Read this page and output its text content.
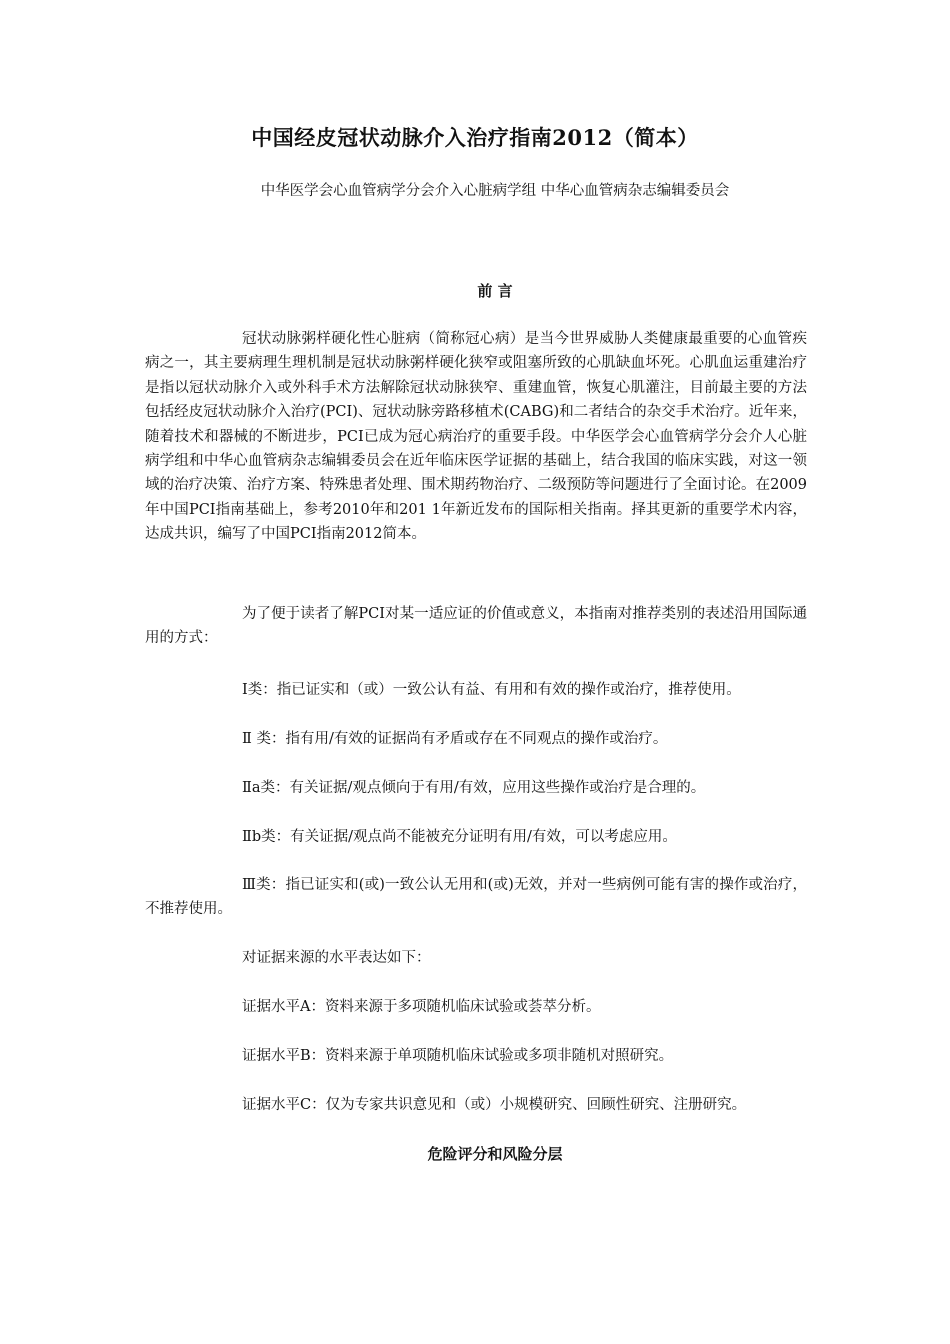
中国经皮冠状动脉介入治疗指南2012（简本）
中华医学会心血管病学分会介入心脏病学组 中华心血管病杂志编辑委员会
前 言

冠状动脉粥样硬化性心脏病（简称冠心病）是当今世界威胁人类健康最重要的心血管疾病之一，其主要病理生理机制是冠状动脉粥样硬化狭窄或阻塞所致的心肌缺血坏死。心肌血运重建治疗是指以冠状动脉介入或外科手术方法解除冠状动脉狭窄、重建血管，恢复心肌灌注，目前最主要的方法包括经皮冠状动脉介入治疗(PCI)、冠状动脉旁路移植术(CABG)和二者结合的杂交手术治疗。近年来，随着技术和器械的不断进步，PCI已成为冠心病治疗的重要手段。中华医学会心血管病学分会介人心脏病学组和中华心血管病杂志编辑委员会在近年临床医学证据的基础上，结合我国的临床实践，对这一领域的治疗决策、治疗方案、特殊患者处理、围术期药物治疗、二级预防等问题进行了全面讨论。在2009年中国PCI指南基础上，参考2010年和201 1年新近发布的国际相关指南。择其更新的重要学术内容，达成共识，编写了中国PCI指南2012简本。

为了便于读者了解PCI对某一适应证的价值或意义，本指南对推荐类别的表述沿用国际通用的方式：

Ⅰ类：指已证实和（或）一致公认有益、有用和有效的操作或治疗，推荐使用。

Ⅱ 类：指有用/有效的证据尚有矛盾或存在不同观点的操作或治疗。

Ⅱa类：有关证据/观点倾向于有用/有效，应用这些操作或治疗是合理的。

Ⅱb类：有关证据/观点尚不能被充分证明有用/有效，可以考虑应用。

Ⅲ类：指已证实和(或)一致公认无用和(或)无效，并对一些病例可能有害的操作或治疗，不推荐使用。

对证据来源的水平表达如下：

证据水平A：资料来源于多项随机临床试验或荟萃分析。

证据水平B：资料来源于单项随机临床试验或多项非随机对照研究。

证据水平C：仅为专家共识意见和（或）小规模研究、回顾性研究、注册研究。

危险评分和风险分层
